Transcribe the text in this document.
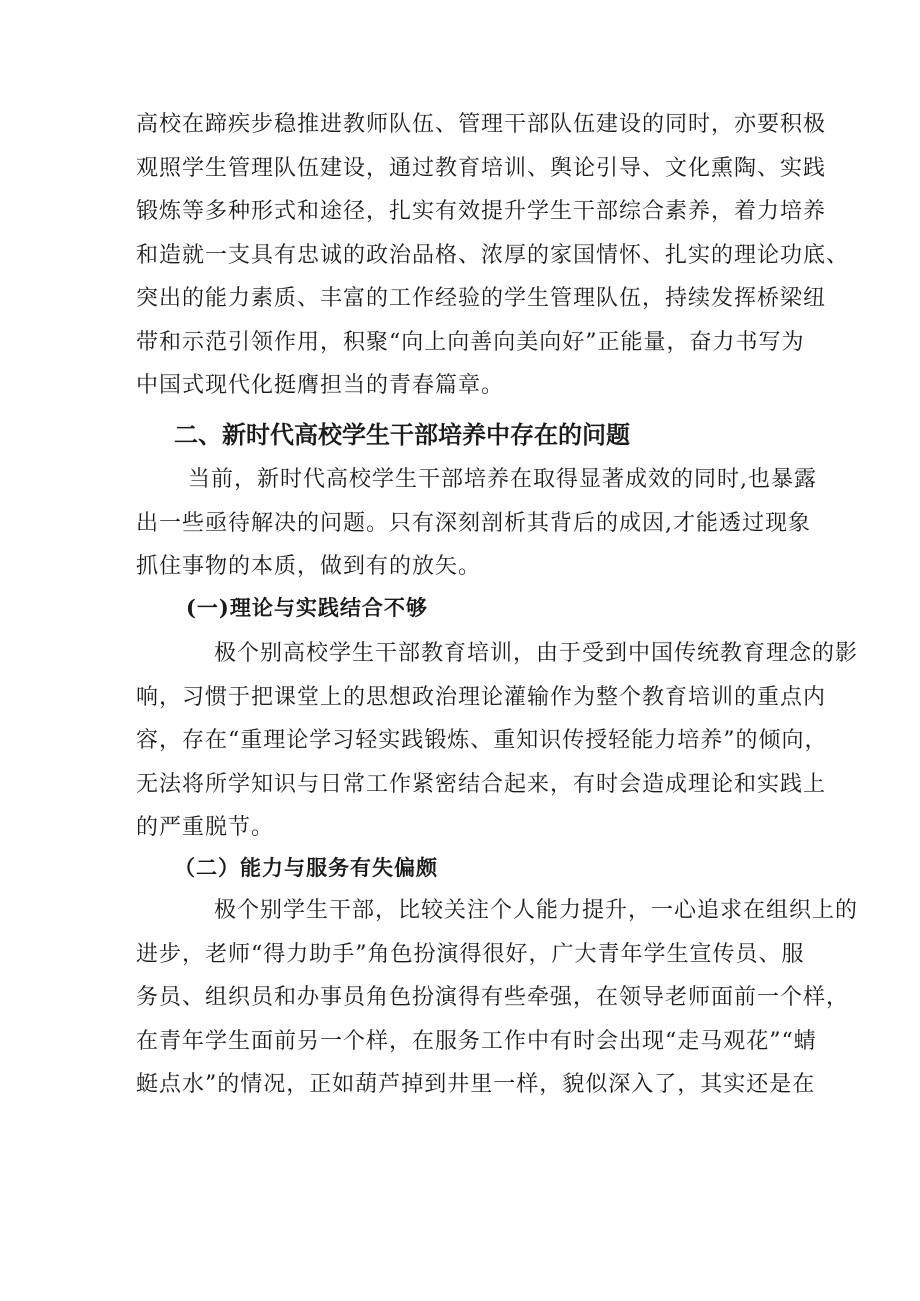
高校在蹄疾步稳推进教师队伍、管理干部队伍建设的同时，亦要积极
观照学生管理队伍建设，通过教育培训、舆论引导、文化熏陶、实践
锻炼等多种形式和途径，扎实有效提升学生干部综合素养，着力培养
和造就一支具有忠诚的政治品格、浓厚的家国情怀、扎实的理论功底、
突出的能力素质、丰富的工作经验的学生管理队伍，持续发挥桥梁纽
带和示范引领作用，积聚“向上向善向美向好”正能量，奋力书写为
中国式现代化挺膺担当的青春篇章。
二、新时代高校学生干部培养中存在的问题
当前，新时代高校学生干部培养在取得显著成效的同时,也暴露
出一些亟待解决的问题。只有深刻剖析其背后的成因,才能透过现象
抓住事物的本质，做到有的放矢。
(一)理论与实践结合不够
极个别高校学生干部教育培训，由于受到中国传统教育理念的影
响，习惯于把课堂上的思想政治理论灌输作为整个教育培训的重点内
容，存在“重理论学习轻实践锻炼、重知识传授轻能力培养”的倾向，
无法将所学知识与日常工作紧密结合起来，有时会造成理论和实践上
的严重脱节。
（二）能力与服务有失偏颇
极个别学生干部，比较关注个人能力提升，一心追求在组织上的
进步，老师“得力助手”角色扮演得很好，广大青年学生宣传员、服
务员、组织员和办事员角色扮演得有些牵强，在领导老师面前一个样，
在青年学生面前另一个样，在服务工作中有时会出现“走马观花”“蜻
蜓点水”的情况，正如葫芦掉到井里一样，貌似深入了，其实还是在
